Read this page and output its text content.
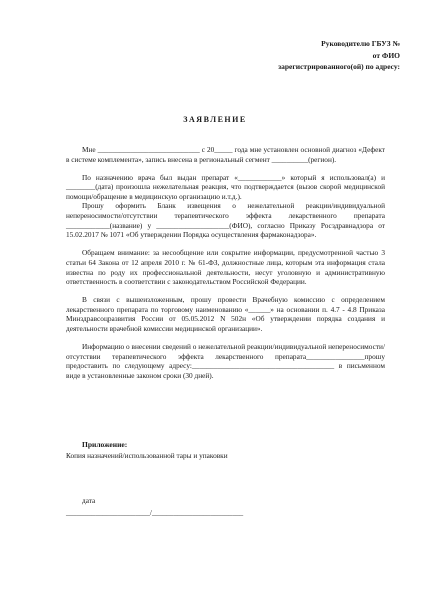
Руководителю ГБУЗ №
от ФИО
зарегистрированного(ой) по адресу:
ЗАЯВЛЕНИЕ

Мне ____________________________ с 20_____ года мне установлен основной диагноз «Дефект в системе комплемента», запись внесена в региональный сегмент __________(регион).

По назначению врача был выдан препарат «____________» который я использовал(а) и ________(дата) произошла нежелательная реакция, что подтверждается (вызов скорой медицинской помощи/обращение в медицинскую организацию и.т.д.).

Прошу оформить Бланк извещения о нежелательной реакции/индивидуальной непереносимости/отсутствии терапевтического эффекта лекарственного препарата ____________(название) у ____________________(ФИО), согласно Приказу Росздравнадзора от 15.02.2017 № 1071 «Об утверждении Порядка осуществления фармаконадзора».

Обращаем внимание: за несообщение или сокрытие информации, предусмотренной частью 3 статьи 64 Закона от 12 апреля 2010 г. № 61-ФЗ, должностные лица, которым эта информация стала известна по роду их профессиональной деятельности, несут уголовную и административную ответственность в соответствии с законодательством Российской Федерации.

В связи с вышеизложенным, прошу провести Врачебную комиссию с определением лекарственного препарата по торговому наименованию «______» на основании п. 4.7 - 4.8 Приказа Минздравсоцразвития России от 05.05.2012 N 502н «Об утверждении порядка создания и деятельности врачебной комиссии медицинской организации».

Информацию о внесении сведений о нежелательной реакции/индивидуальной непереносимости/отсутствии терапевтического эффекта лекарственного препарата________________прошу предоставить по следующему адресу:_______________________________________ в письменном виде в установленные законом сроки (30 дней).

Приложение:
Копия назначений/использованной тары и упаковки
дата
_______________________/_________________________
